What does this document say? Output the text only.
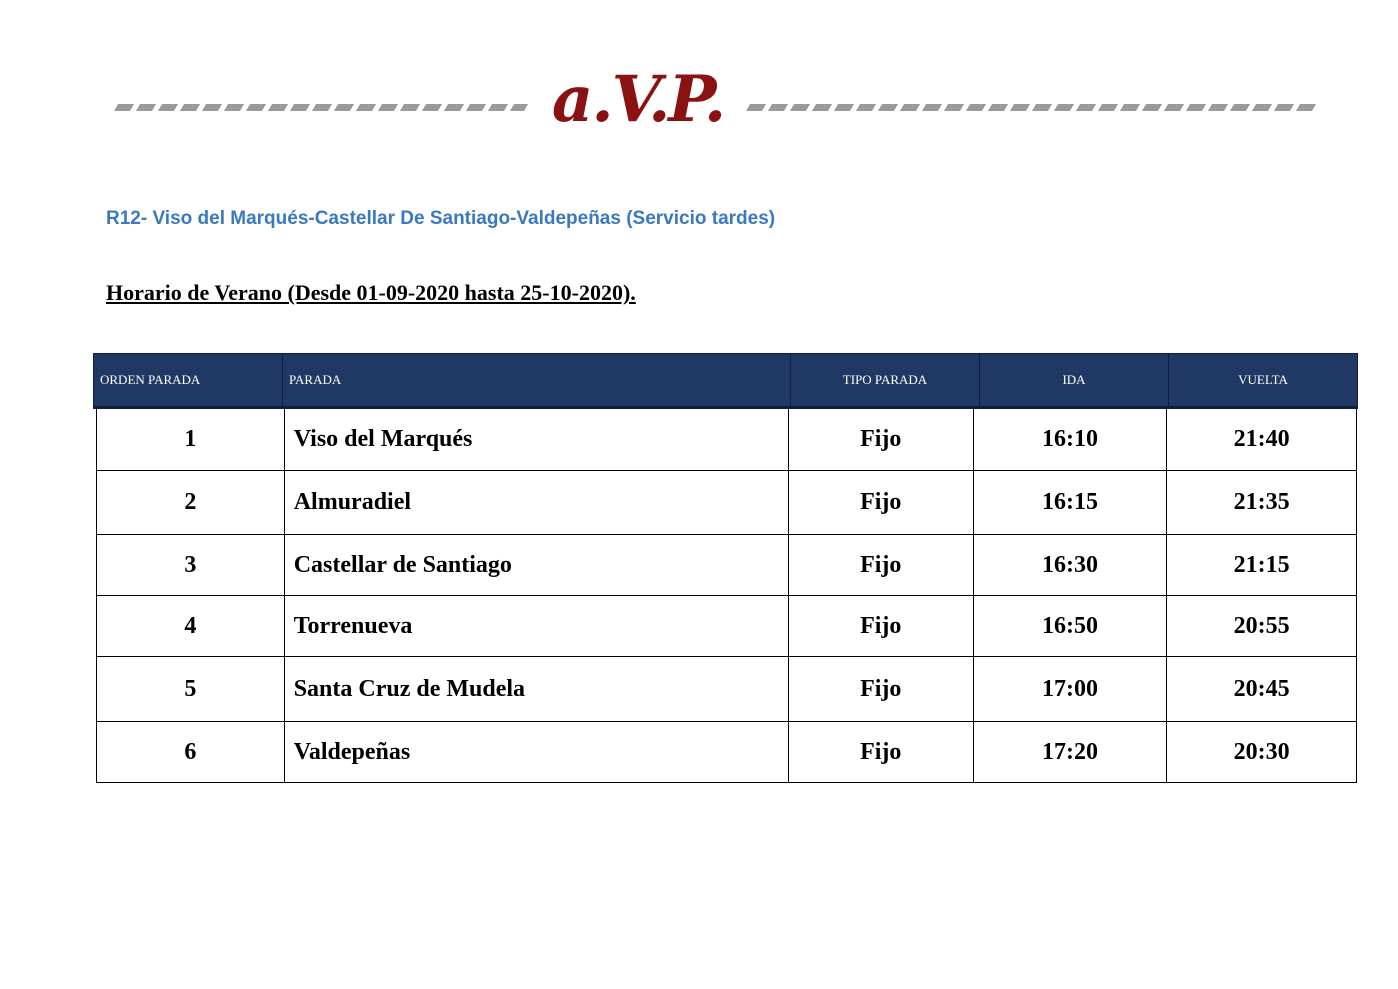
a.V.P.
R12- Viso del Marqués-Castellar De Santiago-Valdepeñas (Servicio tardes)
Horario de Verano (Desde 01-09-2020 hasta 25-10-2020).
ORDEN PARADA	PARADA	TIPO PARADA	IDA	VUELTA
1	Viso del Marqués	Fijo	16:10	21:40
2	Almuradiel	Fijo	16:15	21:35
3	Castellar de Santiago	Fijo	16:30	21:15
4	Torrenueva	Fijo	16:50	20:55
5	Santa Cruz de Mudela	Fijo	17:00	20:45
6	Valdepeñas	Fijo	17:20	20:30
